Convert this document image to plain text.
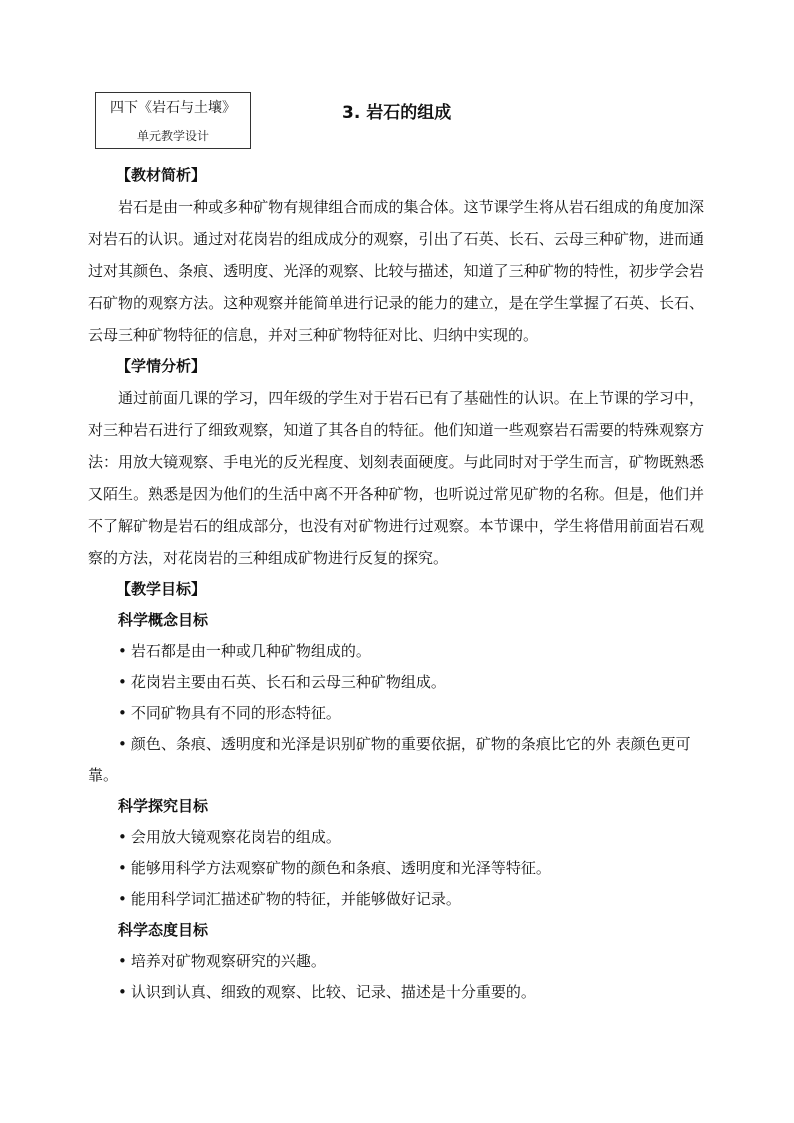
四下《岩石与土壤》
单元教学设计
3. 岩石的组成
【教材简析】

岩石是由一种或多种矿物有规律组合而成的集合体。这节课学生将从岩石组成的角度加深对岩石的认识。通过对花岗岩的组成成分的观察，引出了石英、长石、云母三种矿物，进而通过对其颜色、条痕、透明度、光泽的观察、比较与描述，知道了三种矿物的特性，初步学会岩石矿物的观察方法。这种观察并能简单进行记录的能力的建立，是在学生掌握了石英、长石、云母三种矿物特征的信息，并对三种矿物特征对比、归纳中实现的。

【学情分析】

通过前面几课的学习，四年级的学生对于岩石已有了基础性的认识。在上节课的学习中，对三种岩石进行了细致观察，知道了其各自的特征。他们知道一些观察岩石需要的特殊观察方法：用放大镜观察、手电光的反光程度、划刻表面硬度。与此同时对于学生而言，矿物既熟悉又陌生。熟悉是因为他们的生活中离不开各种矿物，也听说过常见矿物的名称。但是，他们并不了解矿物是岩石的组成部分，也没有对矿物进行过观察。本节课中，学生将借用前面岩石观察的方法，对花岗岩的三种组成矿物进行反复的探究。

【教学目标】
科学概念目标
• 岩石都是由一种或几种矿物组成的。
• 花岗岩主要由石英、长石和云母三种矿物组成。
• 不同矿物具有不同的形态特征。
• 颜色、条痕、透明度和光泽是识别矿物的重要依据，矿物的条痕比它的外 表颜色更可靠。
科学探究目标
• 会用放大镜观察花岗岩的组成。
• 能够用科学方法观察矿物的颜色和条痕、透明度和光泽等特征。
• 能用科学词汇描述矿物的特征，并能够做好记录。
科学态度目标
• 培养对矿物观察研究的兴趣。
• 认识到认真、细致的观察、比较、记录、描述是十分重要的。
